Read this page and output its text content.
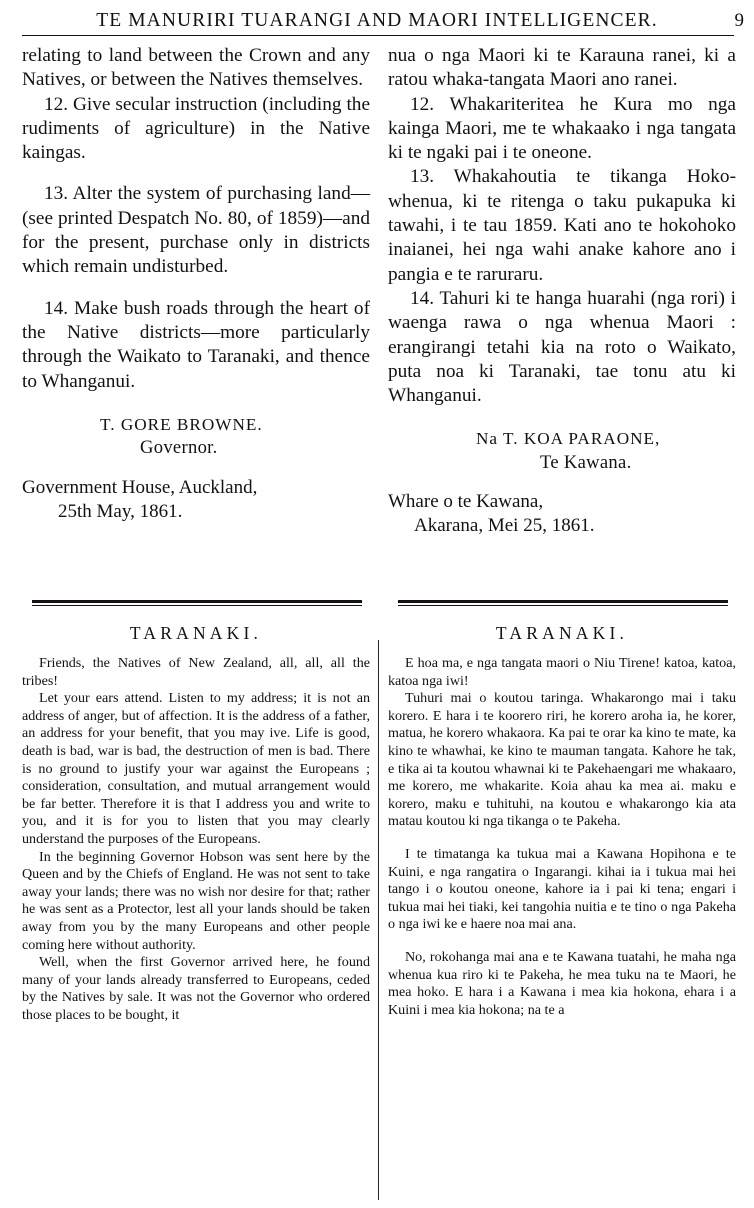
TE MANURIRI TUARANGI AND MAORI INTELLIGENCER.	9

relating to land between the Crown and any Natives, or between the Natives themselves.

12. Give secular instruction (including the rudiments of agriculture) in the Native kaingas.

13. Alter the system of purchasing land—(see printed Despatch No. 80, of 1859)—and for the present, purchase only in districts which remain undisturbed.

14. Make bush roads through the heart of the Native districts—more particularly through the Waikato to Taranaki, and thence to Whanganui.

T. GORE BROWNE.
Governor.
Government House, Auckland,
25th May, 1861.
TARANAKI.

Friends, the Natives of New Zealand, all, all, all the tribes!

Let your ears attend. Listen to my address; it is not an address of anger, but of affection. It is the address of a father, an address for your benefit, that you may ive. Life is good, death is bad, war is bad, the destruction of men is bad. There is no ground to justify your war against the Europeans ; consideration, consultation, and mutual arrangement would be far better. Therefore it is that I address you and write to you, and it is for you to listen that you may clearly understand the purposes of the Europeans.

In the beginning Governor Hobson was sent here by the Queen and by the Chiefs of England. He was not sent to take away your lands; there was no wish nor desire for that; rather he was sent as a Protector, lest all your lands should be taken away from you by the many Europeans and other people coming here without authority.

Well, when the first Governor arrived here, he found many of your lands already transferred to Europeans, ceded by the Natives by sale. It was not the Governor who ordered those places to be bought, it

nua o nga Maori ki te Karauna ranei, ki a ratou whaka-tangata Maori ano ranei.

12. Whakariteritea he Kura mo nga kainga Maori, me te whakaako i nga tangata ki te ngaki pai i te oneone.

13. Whakahoutia te tikanga Hoko-whenua, ki te ritenga o taku pukapuka ki tawahi, i te tau 1859. Kati ano te hokohoko inaianei, hei nga wahi anake kahore ano i pangia e te raruraru.

14. Tahuri ki te hanga huarahi (nga rori) i waenga rawa o nga whenua Maori : erangirangi tetahi kia na roto o Waikato, puta noa ki Taranaki, tae tonu atu ki Whanganui.

Na T. KOA PARAONE,
Te Kawana.
Whare o te Kawana,
Akarana, Mei 25, 1861.
TARANAKI.

E hoa ma, e nga tangata maori o Niu Tirene! katoa, katoa, katoa nga iwi!

Tuhuri mai o koutou taringa. Whakarongo mai i taku korero. E hara i te koorero riri, he korero aroha ia, he korer, matua, he korero whakaora. Ka pai te orar ka kino te mate, ka kino te whawhai, ke kino te mauman tangata. Kahore he tak, e tika ai ta koutou whawnai ki te Pakehaengari me whakaaro, me korero, me whakarite. Koia ahau ka mea ai. maku e korero, maku e tuhituhi, na koutou e whakarongo kia ata matau koutou ki nga tikanga o te Pakeha.

I te timatanga ka tukua mai a Kawana Hopihona e te Kuini, e nga rangatira o Ingarangi. kihai ia i tukua mai hei tango i o koutou oneone, kahore ia i pai ki tena; engari i tukua mai hei tiaki, kei tangohia nuitia e te tino o nga Pakeha o nga iwi ke e haere noa mai ana.

No, rokohanga mai ana e te Kawana tuatahi, he maha nga whenua kua riro ki te Pakeha, he mea tuku na te Maori, he mea hoko. E hara i a Kawana i mea kia hokona, ehara i a Kuini i mea kia hokona; na te a
